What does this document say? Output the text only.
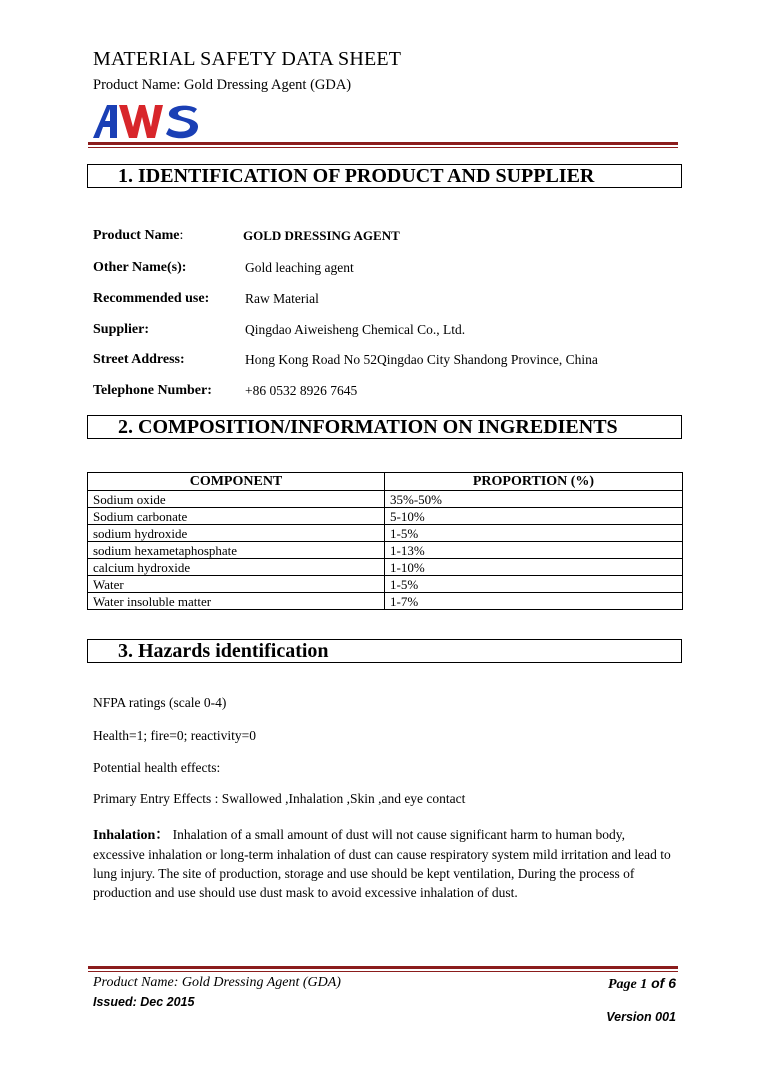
MATERIAL SAFETY DATA SHEET
Product Name: Gold Dressing Agent (GDA)
1. IDENTIFICATION OF PRODUCT AND SUPPLIER
Product Name:	GOLD DRESSING AGENT
Other Name(s):	Gold leaching agent
Recommended use:	Raw Material
Supplier:	Qingdao Aiweisheng Chemical Co., Ltd.
Street Address:	Hong Kong Road No 52Qingdao City Shandong Province, China
Telephone Number: +86 0532 8926 7645
2. COMPOSITION/INFORMATION ON INGREDIENTS
COMPONENT	PROPORTION (%)
Sodium oxide	35%-50%
Sodium carbonate	5-10%
sodium hydroxide	1-5%
sodium hexametaphosphate	1-13%
calcium hydroxide	1-10%
Water	1-5%
Water insoluble matter	1-7%
3. Hazards identification
NFPA ratings (scale 0-4)
Health=1; fire=0; reactivity=0
Potential health effects:
Primary Entry Effects : Swallowed ,Inhalation ,Skin ,and eye contact
Inhalation： Inhalation of a small amount of dust will not cause significant harm to human body, excessive inhalation or long-term inhalation of dust can cause respiratory system mild irritation and lead to lung injury. The site of production, storage and use should be kept ventilation, During the process of production and use should use dust mask to avoid excessive inhalation of dust.
Product Name: Gold Dressing Agent (GDA)
Issued: Dec 2015
Page 1 of 6
Version 001
